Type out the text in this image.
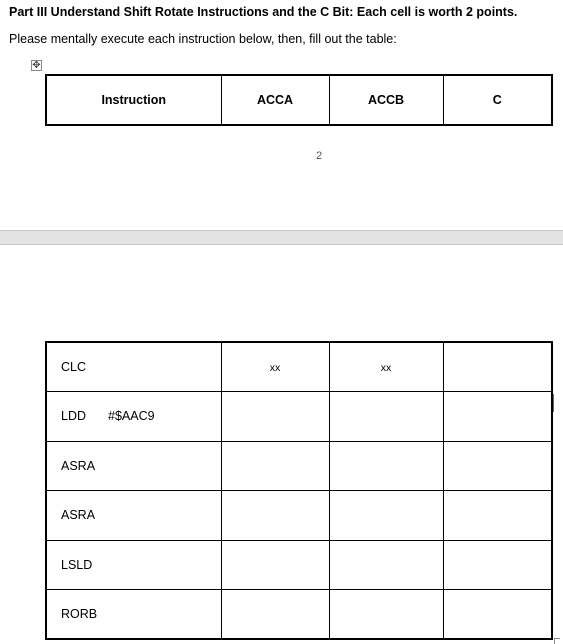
Part III Understand Shift Rotate Instructions and the C Bit: Each cell is worth 2 points.
Please mentally execute each instruction below, then, fill out the table:
✥
Instruction	ACCA	ACCB	C
2
CLC	xx	xx	
LDD #$AAC9			
ASRA			
ASRA			
LSLD			
RORB			
